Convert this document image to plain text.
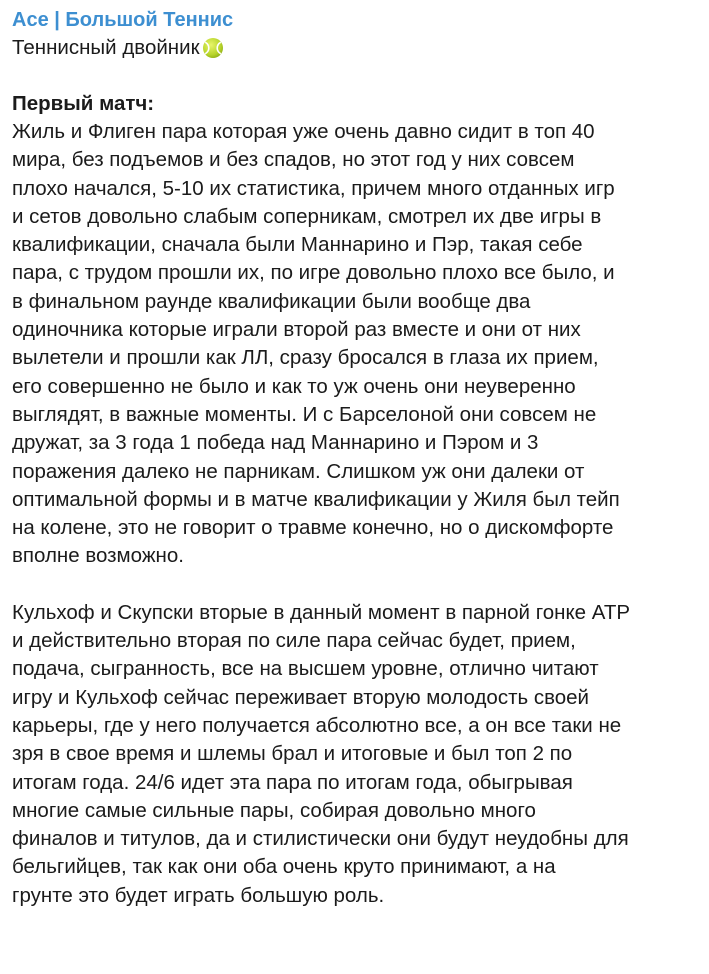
Ace | Большой Теннис
Теннисный двойник
Первый матч:
Жиль и Флиген пара которая уже очень давно сидит в топ 40
мира, без подъемов и без спадов, но этот год у них совсем
плохо начался, 5-10 их статистика, причем много отданных игр
и сетов довольно слабым соперникам, смотрел их две игры в
квалификации, сначала были Маннарино и Пэр, такая себе
пара, с трудом прошли их, по игре довольно плохо все было, и
в финальном раунде квалификации были вообще два
одиночника которые играли второй раз вместе и они от них
вылетели и прошли как ЛЛ, сразу бросался в глаза их прием,
его совершенно не было и как то уж очень они неуверенно
выглядят, в важные моменты. И с Барселоной они совсем не
дружат, за 3 года 1 победа над Маннарино и Пэром и 3
поражения далеко не парникам. Слишком уж они далеки от
оптимальной формы и в матче квалификации у Жиля был тейп
на колене, это не говорит о травме конечно, но о дискомфорте
вполне возможно.
Кульхоф и Скупски вторые в данный момент в парной гонке ATP
и действительно вторая по силе пара сейчас будет, прием,
подача, сыгранность, все на высшем уровне, отлично читают
игру и Кульхоф сейчас переживает вторую молодость своей
карьеры, где у него получается абсолютно все, а он все таки не
зря в свое время и шлемы брал и итоговые и был топ 2 по
итогам года. 24/6 идет эта пара по итогам года, обыгрывая
многие самые сильные пары, собирая довольно много
финалов и титулов, да и стилистически они будут неудобны для
бельгийцев, так как они оба очень круто принимают, а на
грунте это будет играть большую роль.
